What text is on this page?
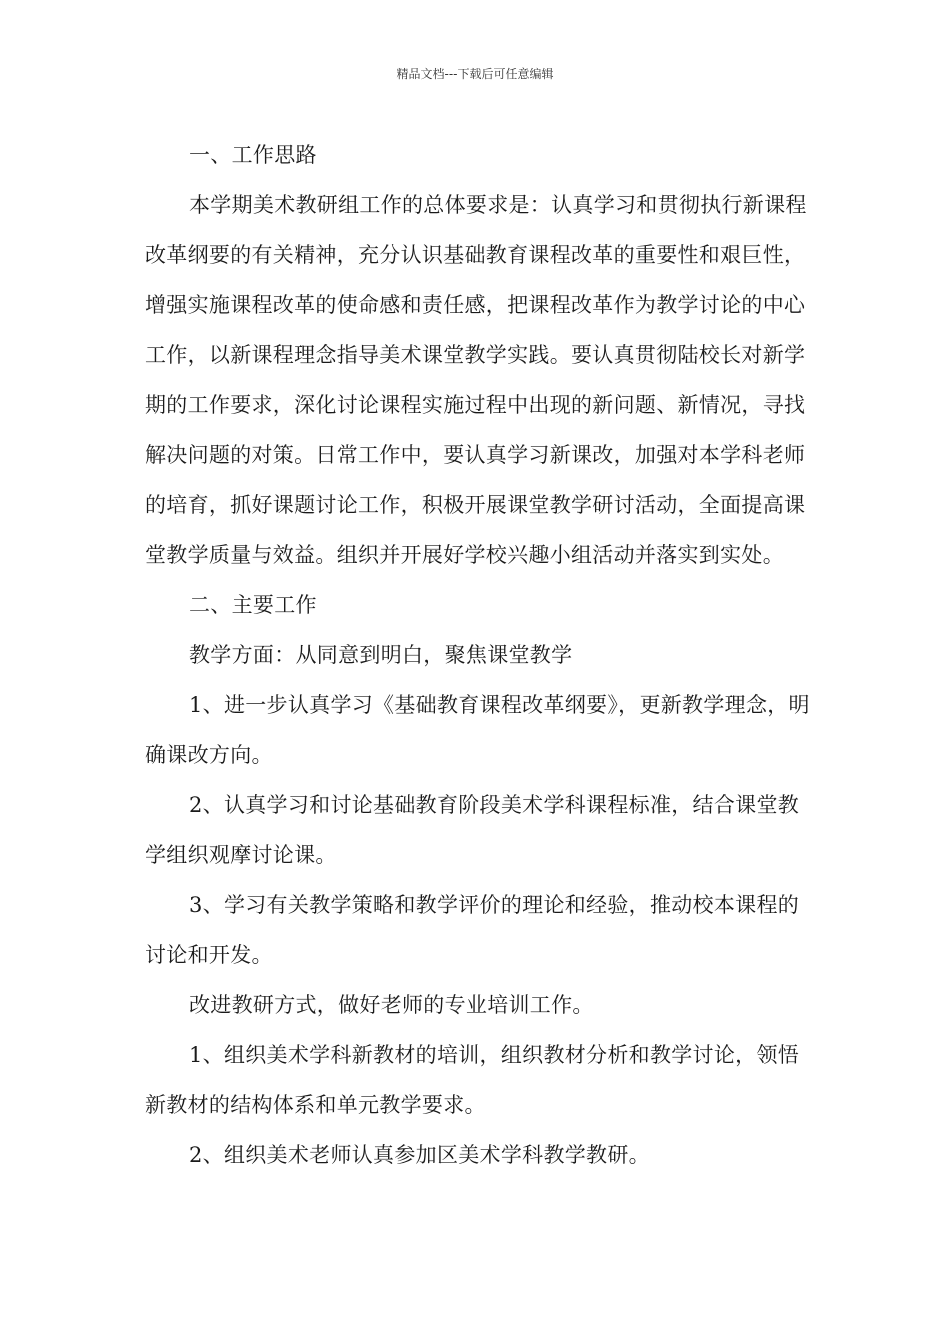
精品文档---下载后可任意编辑

一、工作思路

本学期美术教研组工作的总体要求是：认真学习和贯彻执行新课程改革纲要的有关精神，充分认识基础教育课程改革的重要性和艰巨性，增强实施课程改革的使命感和责任感，把课程改革作为教学讨论的中心工作，以新课程理念指导美术课堂教学实践。要认真贯彻陆校长对新学期的工作要求，深化讨论课程实施过程中出现的新问题、新情况，寻找解决问题的对策。日常工作中，要认真学习新课改，加强对本学科老师的培育，抓好课题讨论工作，积极开展课堂教学研讨活动，全面提高课堂教学质量与效益。组织并开展好学校兴趣小组活动并落实到实处。

二、主要工作

教学方面：从同意到明白，聚焦课堂教学

1、进一步认真学习《基础教育课程改革纲要》，更新教学理念，明确课改方向。

2、认真学习和讨论基础教育阶段美术学科课程标准，结合课堂教学组织观摩讨论课。

3、学习有关教学策略和教学评价的理论和经验，推动校本课程的讨论和开发。

改进教研方式，做好老师的专业培训工作。

1、组织美术学科新教材的培训，组织教材分析和教学讨论，领悟新教材的结构体系和单元教学要求。

2、组织美术老师认真参加区美术学科教学教研。
